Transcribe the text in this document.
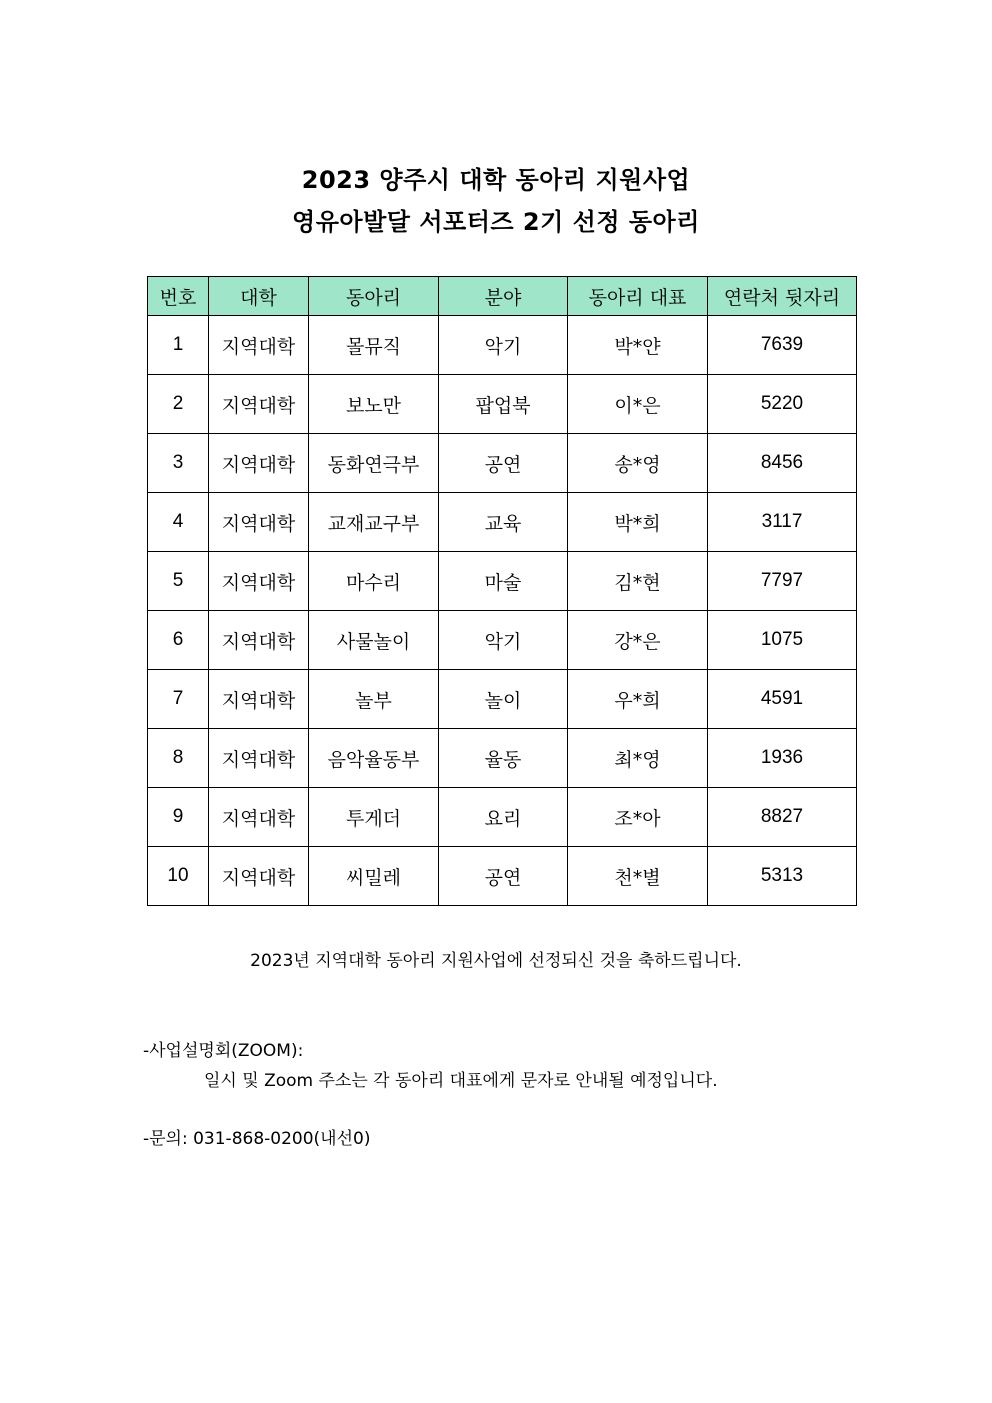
2023 양주시 대학 동아리 지원사업
영유아발달 서포터즈 2기 선정 동아리
번호	대학	동아리	분야	동아리 대표	연락처 뒷자리
1	지역대학	몰뮤직	악기	박*얀	7639
2	지역대학	보노만	팝업북	이*은	5220
3	지역대학	동화연극부	공연	송*영	8456
4	지역대학	교재교구부	교육	박*희	3117
5	지역대학	마수리	마술	김*현	7797
6	지역대학	사물놀이	악기	강*은	1075
7	지역대학	놀부	놀이	우*희	4591
8	지역대학	음악율동부	율동	최*영	1936
9	지역대학	투게더	요리	조*아	8827
10	지역대학	씨밀레	공연	천*별	5313
2023년 지역대학 동아리 지원사업에 선정되신 것을 축하드립니다.
-사업설명회(ZOOM):
일시 및 Zoom 주소는 각 동아리 대표에게 문자로 안내될 예정입니다.
-문의: 031-868-0200(내선0)
